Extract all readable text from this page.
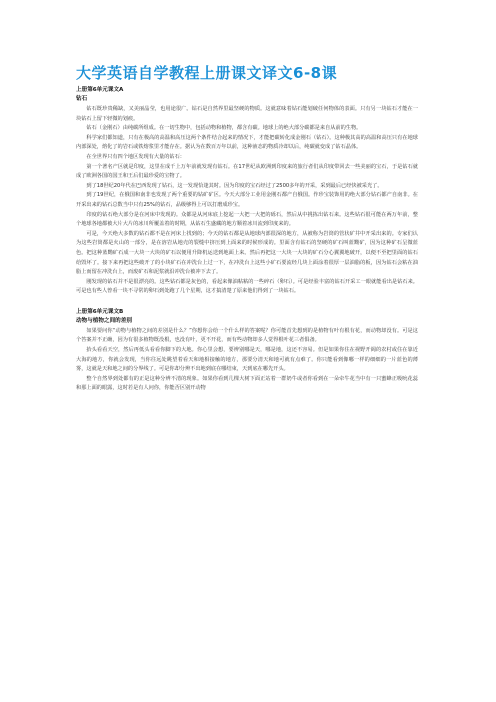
大学英语自学教程上册课文译文6-8课
上册第6单元课文A
钻石

钻石既珍贵稀缺，又美丽晶莹，也用途很广。钻石是自然界里最坚硬的物质。这就意味着钻石能划破任何物体的表面。只有另一块钻石才能在一块钻石上留下轻微的划痕。

钻石（金刚石）由纯碳所组成。在一切生物中，包括动物和植物，都含有碳。地球上的绝大部分碳都是来自从前的生物。

科学家们都知道，只有在极高的高温和高压这两个条件结合起来的情况下，才能把碳转化成金刚石（钻石）。这种极其高的高温和高压只有在地球内部深处，熔化了的岩石或铁熔浆里才能存在。据认为在数百万年以前，这种液态的物质冷却以后，纯碳就变成了钻石晶体。

在全世界只有四个地区发现有大量的钻石：

第一个著名产区就是印度，这里在成千上万年前就发现有钻石。在17世纪从欧洲到印度来的旅行者们从印度带回去一些美丽的宝石，于是钻石就成了欧洲各国的国王和王后们最珍爱的宝物了。

到了18世纪20年代在巴西发现了钻石，这一发现恰逢其时。因为印度的宝石经过了2500多年的开采，采到最后已经快被采光了。

到了19世纪，在俄国和南非也发现了两个重要的钻矿矿区。今天大部分工业用金刚石都产自俄国。作珍宝装饰用的绝大部分钻石都产自南非。在开采出来的钻石总数当中只有25%的钻石，品级够得上可以打磨成珍宝。

印度的钻石绝大部分是在河床中发现的。众都是从河床底上挖起一大把一大把的砾石，然后从中挑拣出钻石来。这些钻石很可能在两万年前，整个地球各地都被大片大片的冰川所覆盖着的时期，从钻石生盛藏的地方顺着冰川流到印度来的。

可是，今天绝大多数的钻石都不是在河床上找到的；今天的钻石都是从地球内部很深的地方，从被称为岩筒的管状矿井中开采出来的。专家们认为这些岩筒都是火山的一部分，是在溶岩从地壳的裂缝中挤压到上面来的时候形成的。里面含有钻石的坚硬的矿石叫蓝黝矿，因为这种矿石呈微蓝色。把这种蓝黝矿石成一大块一大块的矿石以便用升降机运送到地面上来。然后再把这一大块一大块的矿石分心翼翼地破开，以便不至把里面的钻石给毁坏了。接下来再把这些破开了的小块矿石在冲洗台上过一下，在冲洗台上这些小矿石要流经几块上面涂着很厚一层油脂的板，因为钻石会粘在油脂上而留在冲洗台上，而废矿石和泥浆就沿冲洗台被冲下去了。

刚发现的钻石并不是很漂亮的。这些钻石都是灰色的，看起来像油粘粘的一些碎石（卵石）。可是经验丰富的钻石开采工一眼就能看出是钻石来。可是也有些人曾看一块不寻常的卵石到处跑了几个星期，这才搞清楚了原来他们得到了一块钻石。

上册第6单元课文B
动物与植物之间的差别

如果要问你“动物与植物之间的差别是什么？”你想你会给一个什么样的答案呢？你可能首先想到的是植物有叶有根有花，而动物却没有。可是这个答案并不正确，因为有很多植物既没根，也没有叶，更不开花，而有些动物却多人觉得根叶花三者俱备。

抬头看看天空，然后再低头看看你脚下的大地。你心里会想，要辨别哪是天，哪是地，这还不容易。但是如果你住在视野开阔的农村或住在靠近大海的地方，你就会发现，当你往远处眺望着看天和地相接触的地方，那要分清天和地可就有点难了。你只能看到像哪一样的细细的一片蓝色的薄雾，这就是天和地之间的分界线了。可是你却分辨不出地到底在哪结束，天到底在哪先开头。

整个自然界到处都有的正是这种分辨不清的现象。如果你看到几棵大树下面正站着一群奶牛或者你看到在一朵牵牛花当中有一只蜜蜂正吸吮花蕊和那上面的眼露，这时若是有人问你，你能否区别开动物
